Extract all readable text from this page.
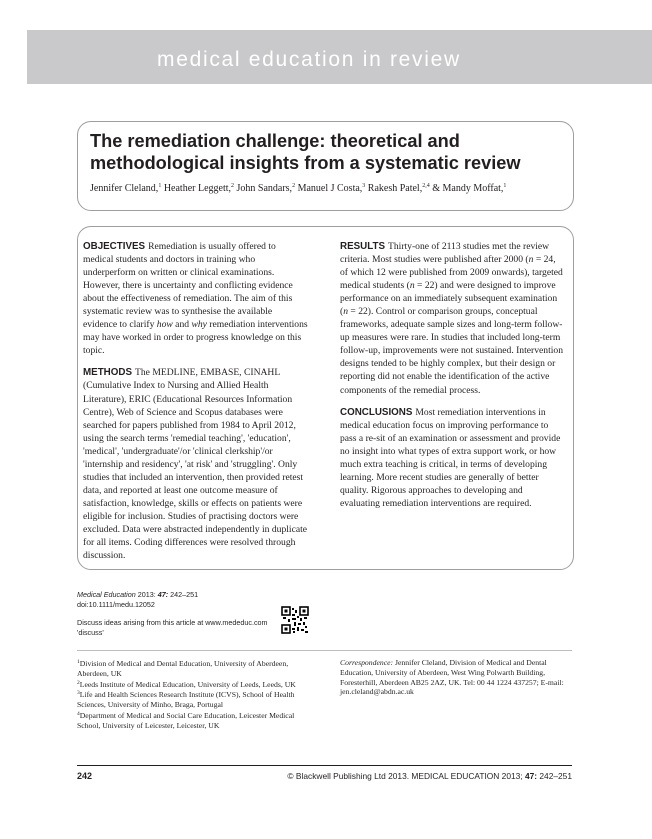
medical education in review
The remediation challenge: theoretical and methodological insights from a systematic review
Jennifer Cleland,$^1$ Heather Leggett,$^2$ John Sandars,$^2$ Manuel J Costa,$^3$ Rakesh Patel,$^{2,4}$ & Mandy Moffat,$^1$

OBJECTIVES Remediation is usually offered to medical students and doctors in training who underperform on written or clinical examinations. However, there is uncertainty and conflicting evidence about the effectiveness of remediation. The aim of this systematic review was to synthesise the available evidence to clarify how and why remediation interventions may have worked in order to progress knowledge on this topic.

METHODS The MEDLINE, EMBASE, CINAHL (Cumulative Index to Nursing and Allied Health Literature), ERIC (Educational Resources Information Centre), Web of Science and Scopus databases were searched for papers published from 1984 to April 2012, using the search terms 'remedial teaching', 'education', 'medical', 'undergraduate'/or 'clinical clerkship'/or 'internship and residency', 'at risk' and 'struggling'. Only studies that included an intervention, then provided retest data, and reported at least one outcome measure of satisfaction, knowledge, skills or effects on patients were eligible for inclusion. Studies of practising doctors were excluded. Data were abstracted independently in duplicate for all items. Coding differences were resolved through discussion.

RESULTS Thirty-one of 2113 studies met the review criteria. Most studies were published after 2000 (n = 24, of which 12 were published from 2009 onwards), targeted medical students (n = 22) and were designed to improve performance on an immediately subsequent examination (n = 22). Control or comparison groups, conceptual frameworks, adequate sample sizes and long-term follow-up measures were rare. In studies that included long-term follow-up, improvements were not sustained. Intervention designs tended to be highly complex, but their design or reporting did not enable the identification of the active components of the remedial process.

CONCLUSIONS Most remediation interventions in medical education focus on improving performance to pass a re-sit of an examination or assessment and provide no insight into what types of extra support work, or how much extra teaching is critical, in terms of developing learning. More recent studies are generally of better quality. Rigorous approaches to developing and evaluating remediation interventions are required.

Medical Education 2013: 47: 242–251
doi:10.1111/medu.12052
Discuss ideas arising from this article at www.mededuc.com 'discuss'

$^1$Division of Medical and Dental Education, University of Aberdeen, Aberdeen, UK

$^2$Leeds Institute of Medical Education, University of Leeds, Leeds, UK

$^3$Life and Health Sciences Research Institute (ICVS), School of Health Sciences, University of Minho, Braga, Portugal

$^4$Department of Medical and Social Care Education, Leicester Medical School, University of Leicester, Leicester, UK

Correspondence: Jennifer Cleland, Division of Medical and Dental Education, University of Aberdeen, West Wing Polwarth Building, Foresterhill, Aberdeen AB25 2AZ, UK. Tel: 00 44 1224 437257; E-mail: jen.cleland@abdn.ac.uk
242	© Blackwell Publishing Ltd 2013. MEDICAL EDUCATION 2013; 47: 242–251
